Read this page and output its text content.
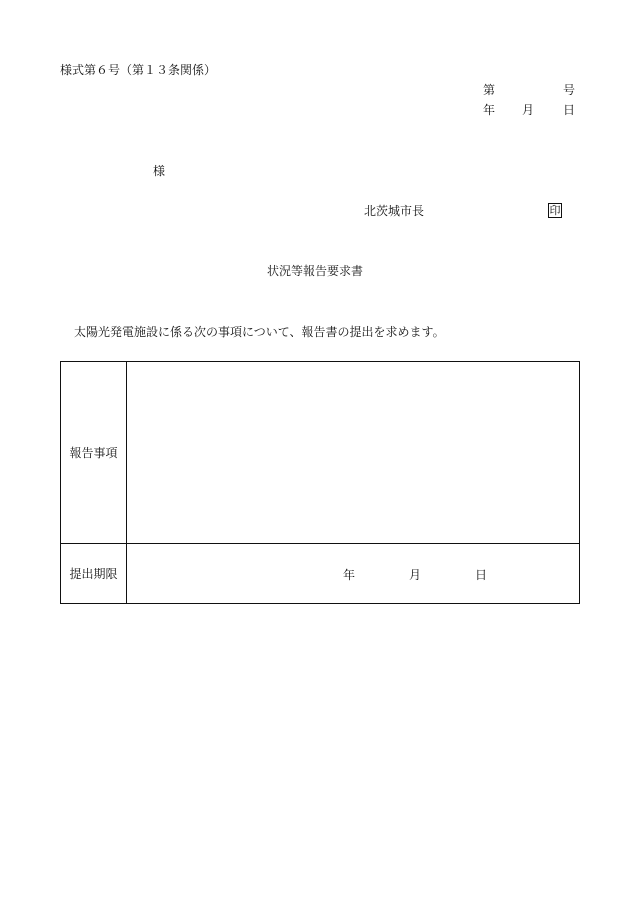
様式第６号（第１３条関係）
第	号
年 月 日
様
北茨城市長	印
状況等報告要求書
太陽光発電施設に係る次の事項について、報告書の提出を求めます。
報告事項
提出期限	年	月	日
